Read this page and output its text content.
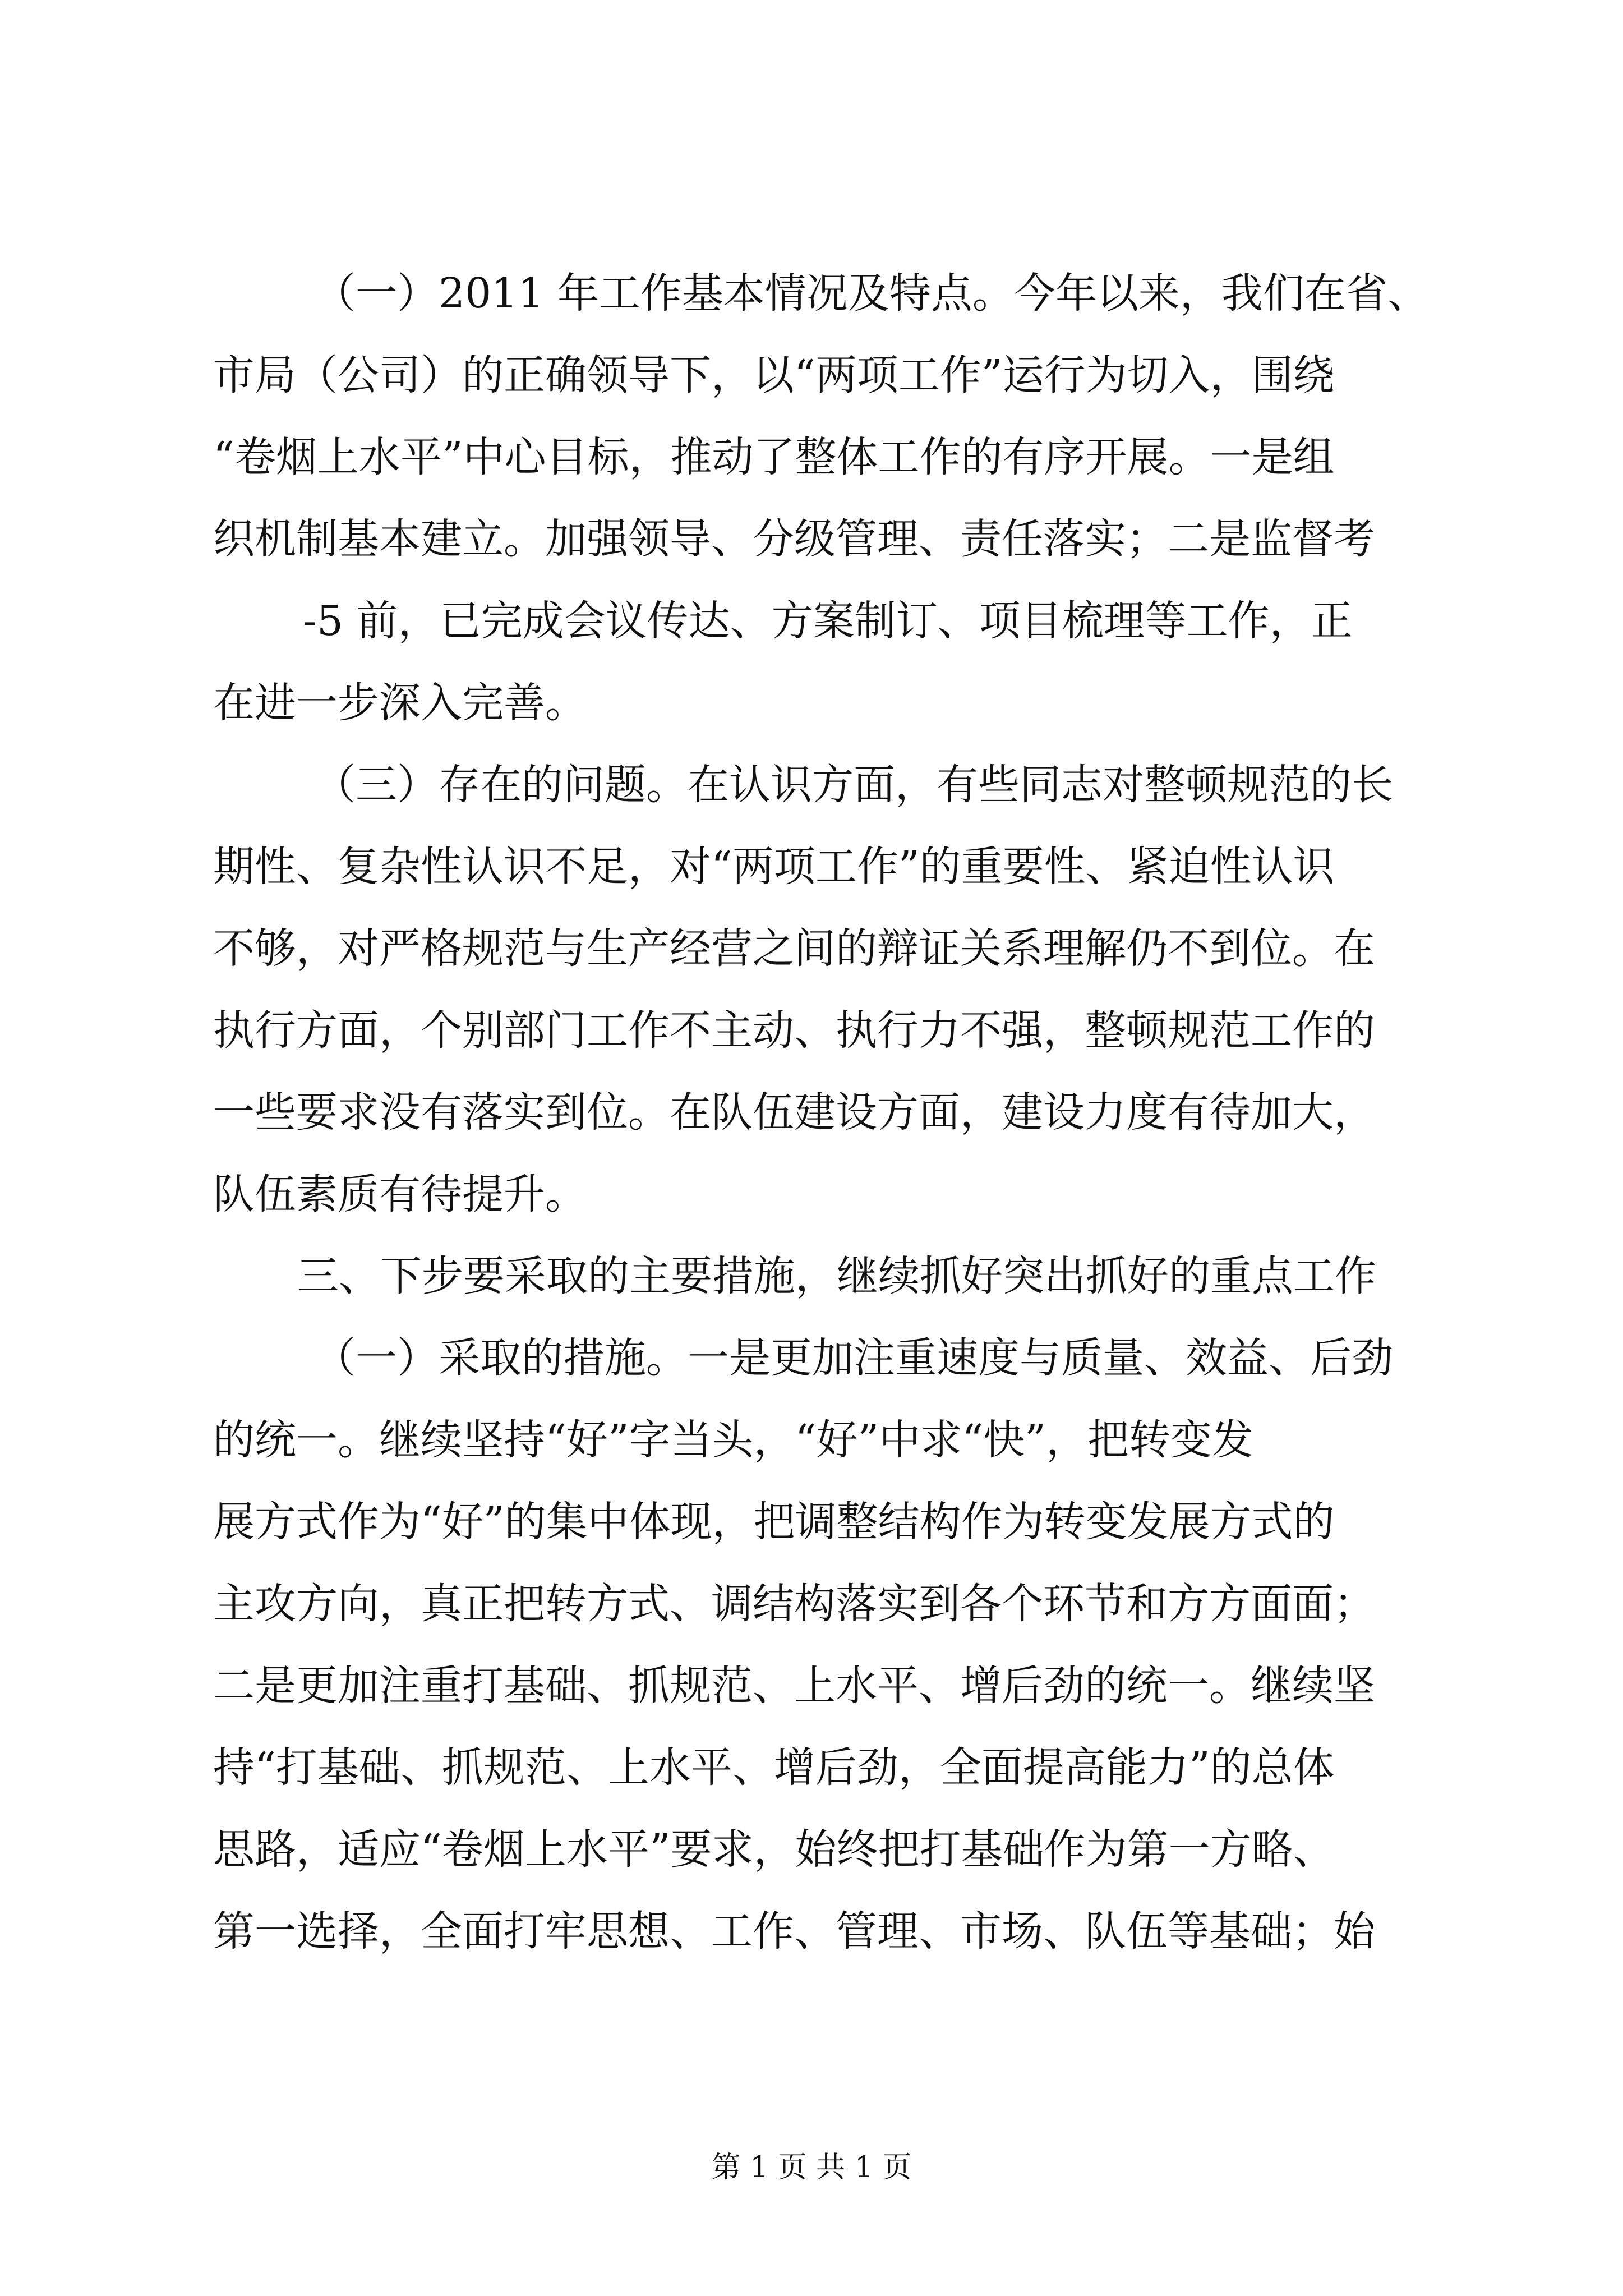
（一）2011 年工作基本情况及特点。今年以来，我们在省、
市局（公司）的正确领导下，以“两项工作”运行为切入，围绕
“卷烟上水平”中心目标，推动了整体工作的有序开展。一是组
织机制基本建立。加强领导、分级管理、责任落实；二是监督考
-5 前，已完成会议传达、方案制订、项目梳理等工作，正
在进一步深入完善。
（三）存在的问题。在认识方面，有些同志对整顿规范的长
期性、复杂性认识不足，对“两项工作”的重要性、紧迫性认识
不够，对严格规范与生产经营之间的辩证关系理解仍不到位。在
执行方面，个别部门工作不主动、执行力不强，整顿规范工作的
一些要求没有落实到位。在队伍建设方面，建设力度有待加大，
队伍素质有待提升。
三、下步要采取的主要措施，继续抓好突出抓好的重点工作
（一）采取的措施。一是更加注重速度与质量、效益、后劲
的统一。继续坚持“好”字当头，“好”中求“快”，把转变发
展方式作为“好”的集中体现，把调整结构作为转变发展方式的
主攻方向，真正把转方式、调结构落实到各个环节和方方面面；
二是更加注重打基础、抓规范、上水平、增后劲的统一。继续坚
持“打基础、抓规范、上水平、增后劲，全面提高能力”的总体
思路，适应“卷烟上水平”要求，始终把打基础作为第一方略、
第一选择，全面打牢思想、工作、管理、市场、队伍等基础；始
第 1 页 共 1 页
